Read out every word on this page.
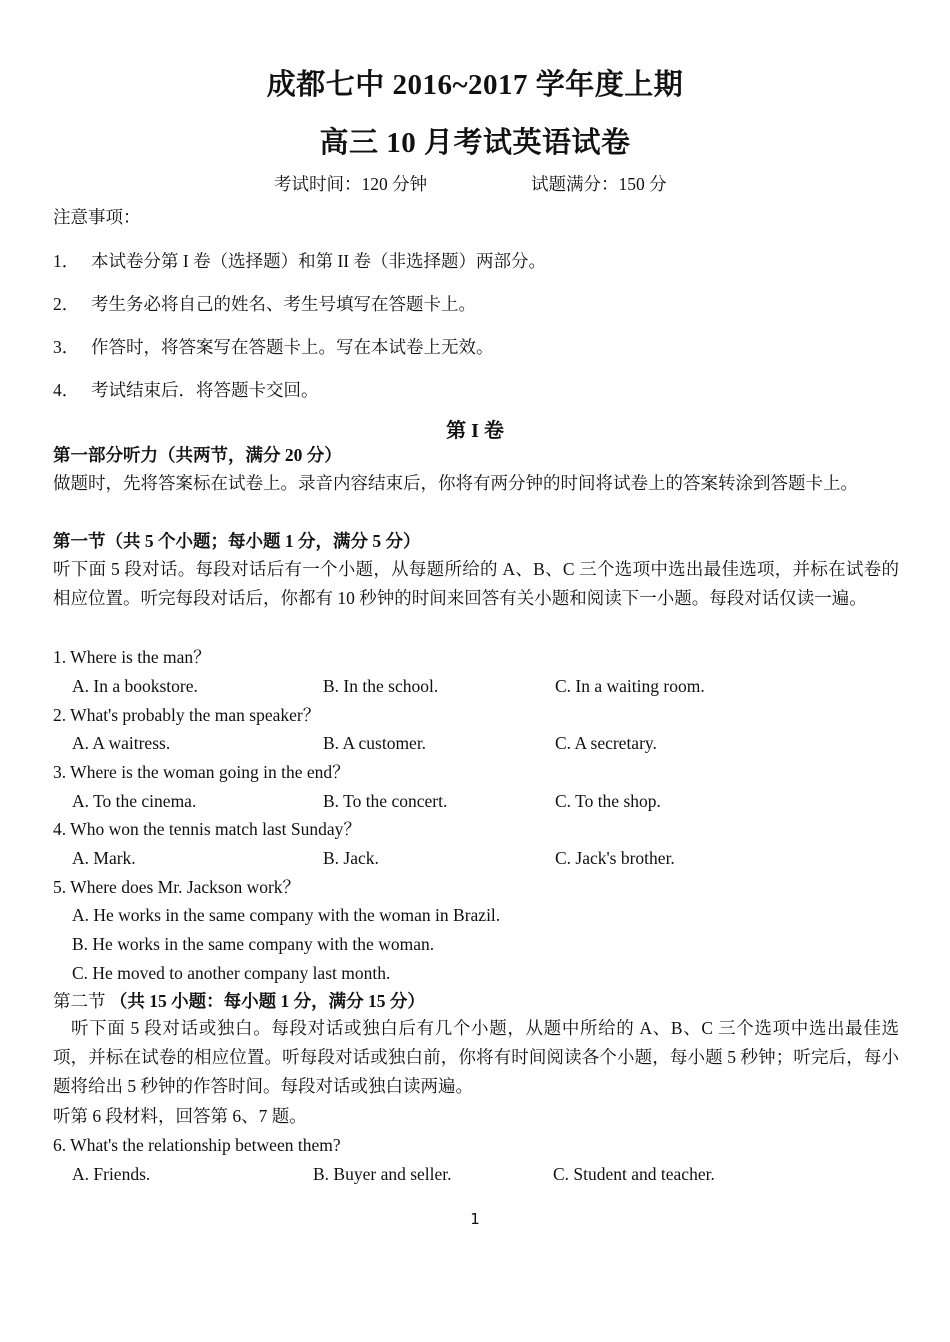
成都七中 2016~2017 学年度上期
高三 10 月考试英语试卷
考试时间：120 分钟	试题满分：150 分
注意事项：
1． 本试卷分第 I 卷（选择题）和第 II 卷（非选择题）两部分。
2． 考生务必将自己的姓名、考生号填写在答题卡上。
3． 作答时，将答案写在答题卡上。写在本试卷上无效。
4． 考试结束后．将答题卡交回。
第 I 卷
第一部分听力（共两节，满分 20 分）
做题时，先将答案标在试卷上。录音内容结束后，你将有两分钟的时间将试卷上的答案转涂到答题卡上。
第一节（共 5 个小题；每小题 1 分，满分 5 分）
听下面 5 段对话。每段对话后有一个小题，从每题所给的 A、B、C 三个选项中选出最佳选项，并标在试卷的相应位置。听完每段对话后，你都有 10 秒钟的时间来回答有关小题和阅读下一小题。每段对话仅读一遍。
1. Where is the man？
A. In a bookstore.	B. In the school.	C. In a waiting room.
2. What's probably the man speaker？
A. A waitress.	B. A customer.	C. A secretary.
3. Where is the woman going in the end？
A. To the cinema.	B. To the concert.	C. To the shop.
4. Who won the tennis match last Sunday？
A. Mark.	B. Jack.	C. Jack's brother.
5. Where does Mr. Jackson work？
A. He works in the same company with the woman in Brazil.
B. He works in the same company with the woman.
C. He moved to another company last month.
第二节 （共 15 小题：每小题 1 分，满分 15 分）
听下面 5 段对话或独白。每段对话或独白后有几个小题，从题中所给的 A、B、C 三个选项中选出最佳选项，并标在试卷的相应位置。听每段对话或独白前，你将有时间阅读各个小题，每小题 5 秒钟；听完后，每小题将给出 5 秒钟的作答时间。每段对话或独白读两遍。
听第 6 段材料，回答第 6、7 题。
6. What's the relationship between them?
A. Friends.	B. Buyer and seller.	C. Student and teacher.
1
